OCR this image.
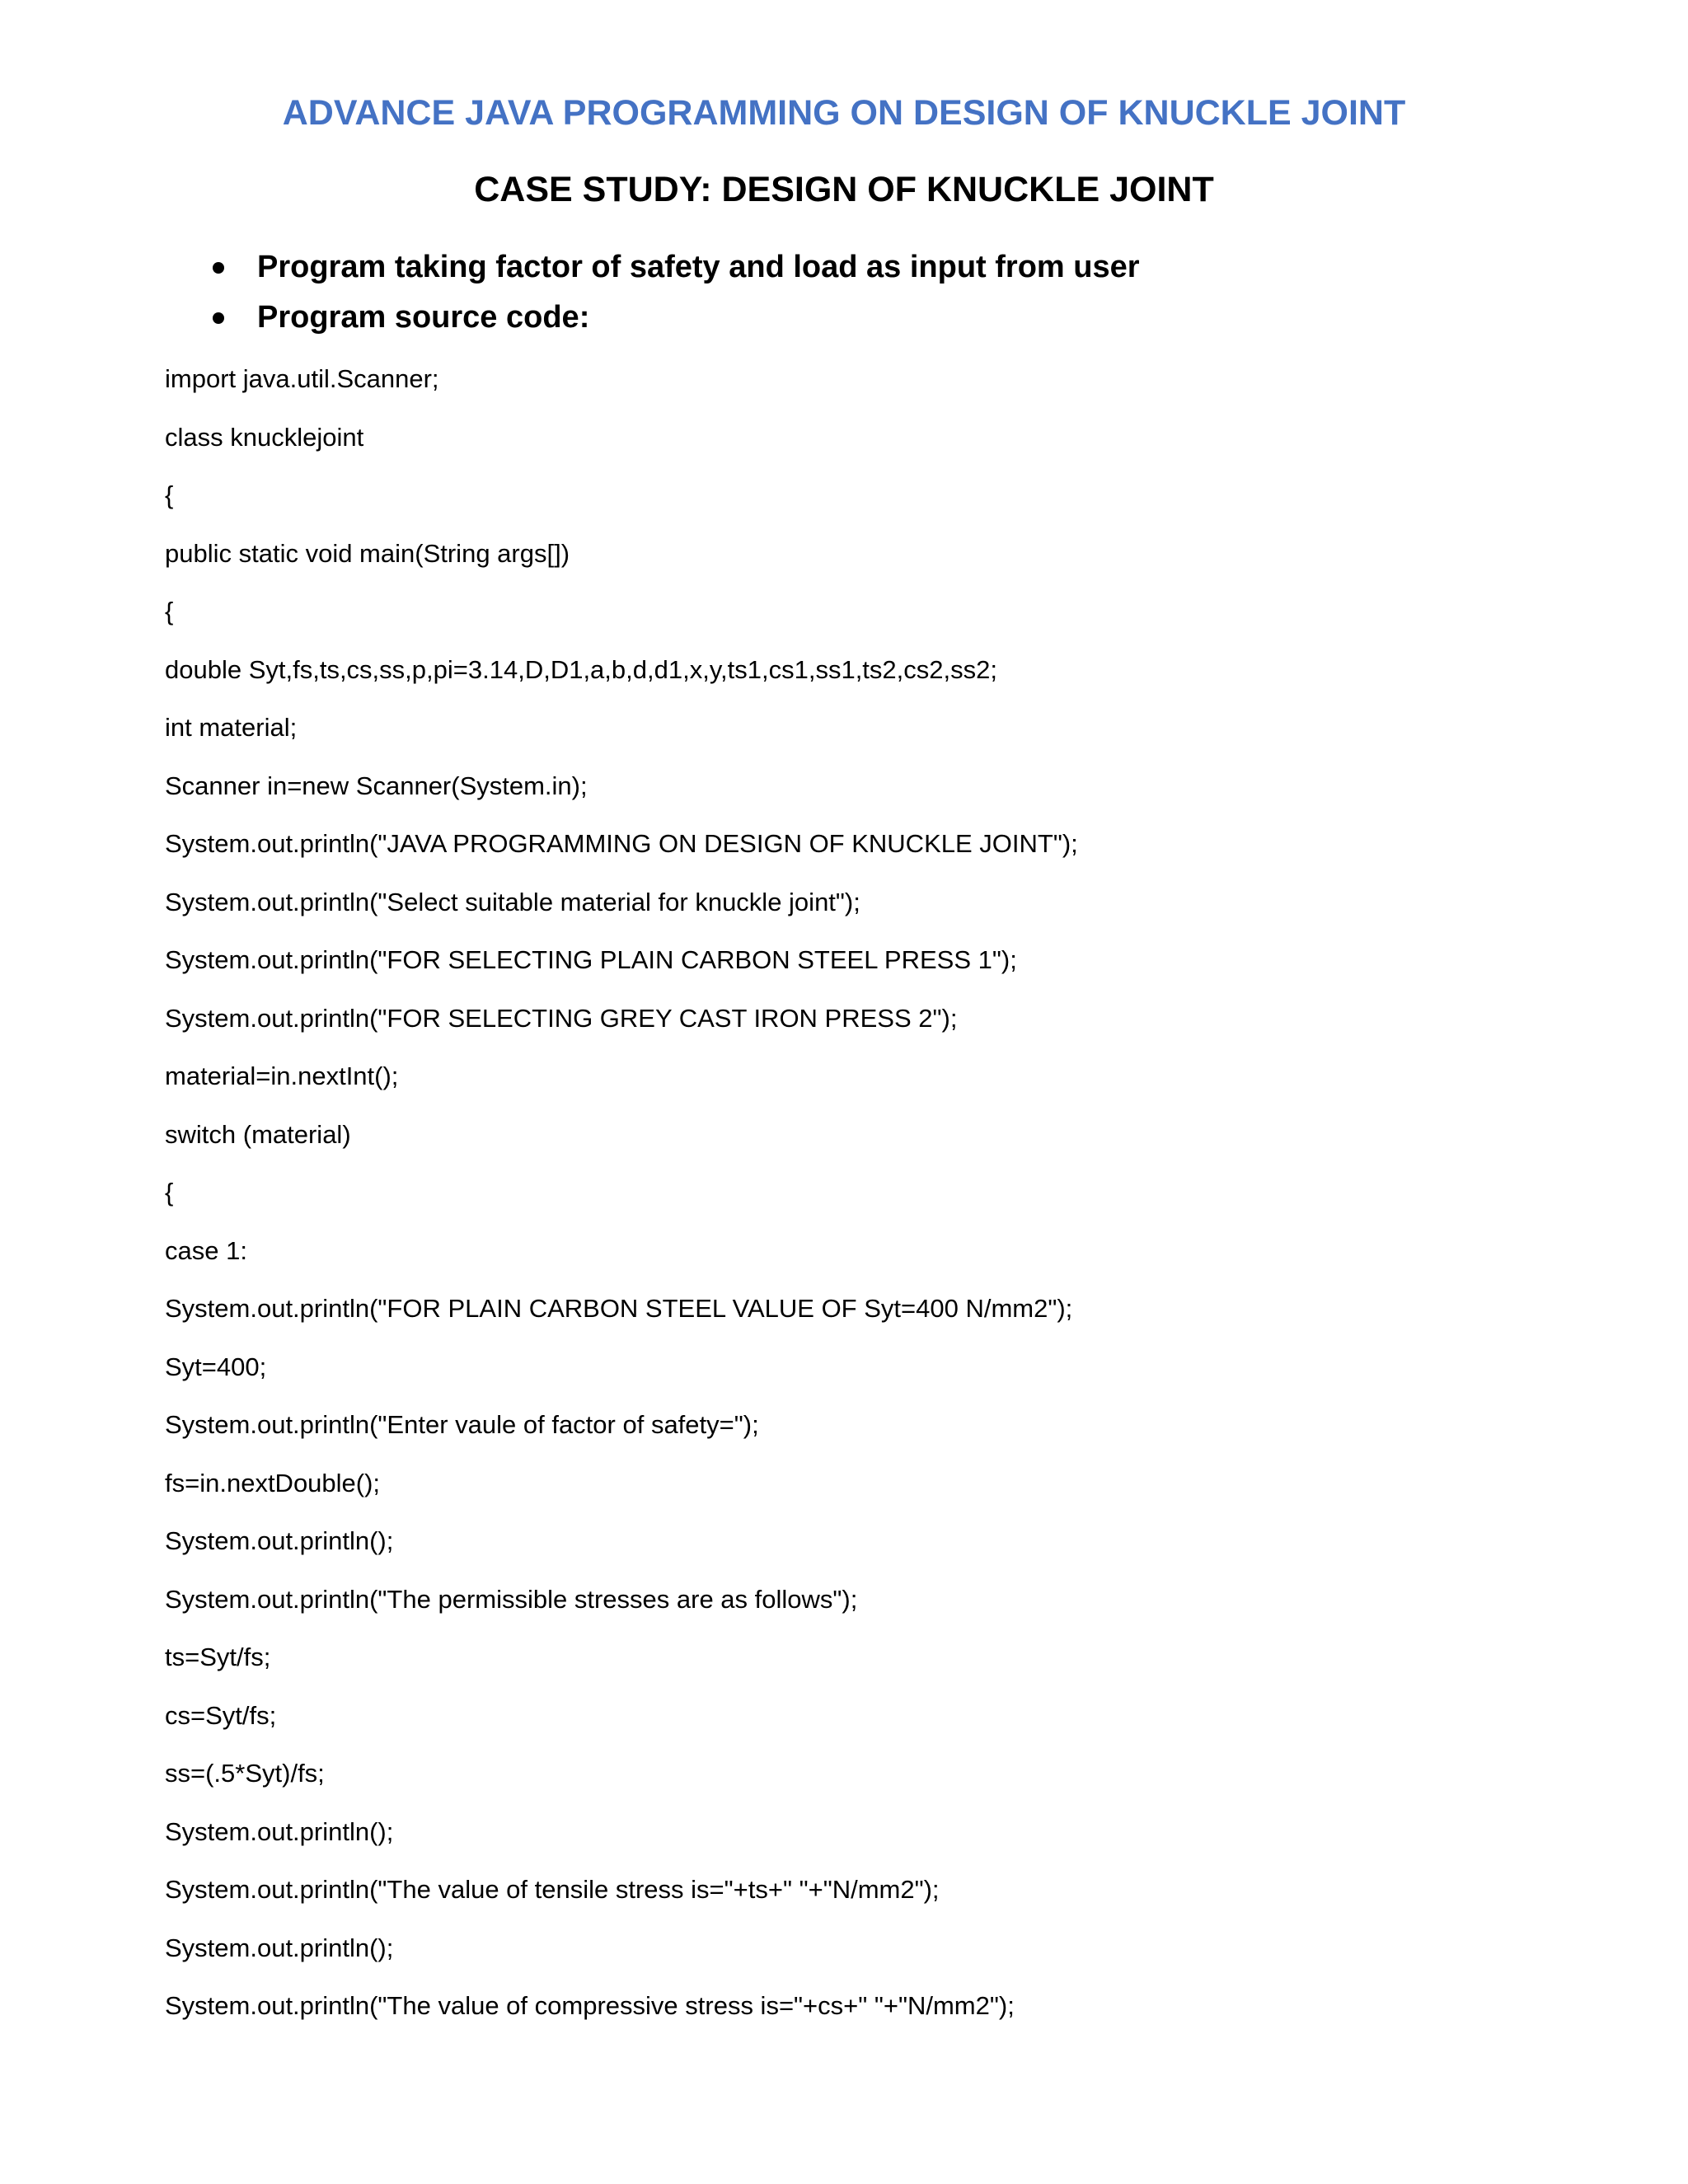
ADVANCE JAVA PROGRAMMING ON DESIGN OF KNUCKLE JOINT
CASE STUDY: DESIGN OF KNUCKLE JOINT
Program taking factor of safety and load as input from user
Program source code:
import java.util.Scanner;
class knucklejoint
{
public static void main(String args[])
{
double Syt,fs,ts,cs,ss,p,pi=3.14,D,D1,a,b,d,d1,x,y,ts1,cs1,ss1,ts2,cs2,ss2;
int material;
Scanner in=new Scanner(System.in);
System.out.println("JAVA PROGRAMMING ON DESIGN OF KNUCKLE JOINT");
System.out.println("Select suitable material for knuckle joint");
System.out.println("FOR SELECTING PLAIN CARBON STEEL PRESS 1");
System.out.println("FOR SELECTING GREY CAST IRON PRESS 2");
material=in.nextInt();
switch (material)
{
case 1:
System.out.println("FOR PLAIN CARBON STEEL VALUE OF Syt=400 N/mm2");
Syt=400;
System.out.println("Enter vaule of factor of safety=");
fs=in.nextDouble();
System.out.println();
System.out.println("The permissible stresses are as follows");
ts=Syt/fs;
cs=Syt/fs;
ss=(.5*Syt)/fs;
System.out.println();
System.out.println("The value of tensile stress is="+ts+" "+"N/mm2");
System.out.println();
System.out.println("The value of compressive stress is="+cs+" "+"N/mm2");
